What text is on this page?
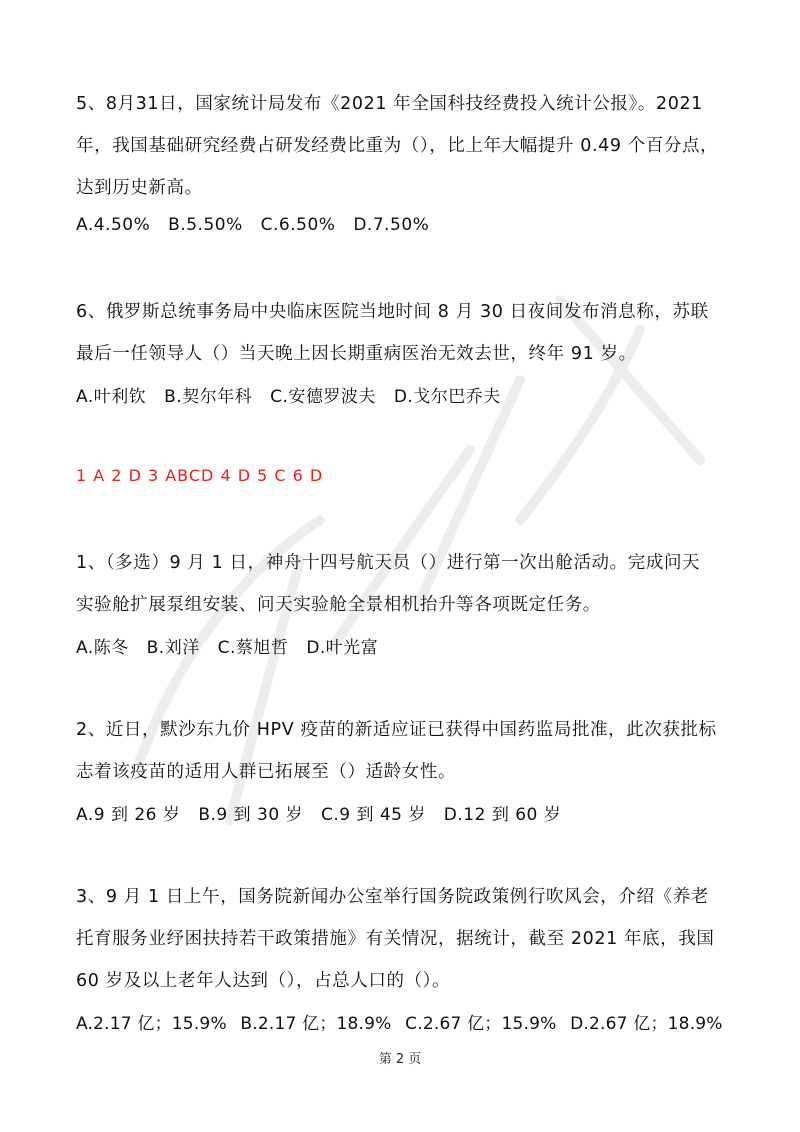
5、8月31日，国家统计局发布《2021 年全国科技经费投入统计公报》。2021
年，我国基础研究经费占研发经费比重为（），比上年大幅提升 0.49 个百分点，
达到历史新高。
A.4.50% B.5.50% C.6.50% D.7.50%
6、俄罗斯总统事务局中央临床医院当地时间 8 月 30 日夜间发布消息称，苏联
最后一任领导人（）当天晚上因长期重病医治无效去世，终年 91 岁。
A.叶利钦 B.契尔年科 C.安德罗波夫 D.戈尔巴乔夫
1 A 2 D 3 ABCD 4 D 5 C 6 D
1、（多选）9 月 1 日，神舟十四号航天员（）进行第一次出舱活动。完成问天
实验舱扩展泵组安装、问天实验舱全景相机抬升等各项既定任务。
A.陈冬 B.刘洋 C.蔡旭哲 D.叶光富
2、近日，默沙东九价 HPV 疫苗的新适应证已获得中国药监局批准，此次获批标
志着该疫苗的适用人群已拓展至（）适龄女性。
A.9 到 26 岁 B.9 到 30 岁 C.9 到 45 岁 D.12 到 60 岁
3、9 月 1 日上午，国务院新闻办公室举行国务院政策例行吹风会，介绍《养老
托育服务业纾困扶持若干政策措施》有关情况，据统计，截至 2021 年底，我国
60 岁及以上老年人达到（），占总人口的（）。
A.2.17 亿；15.9% B.2.17 亿；18.9% C.2.67 亿；15.9% D.2.67 亿；18.9%
第 2 页
